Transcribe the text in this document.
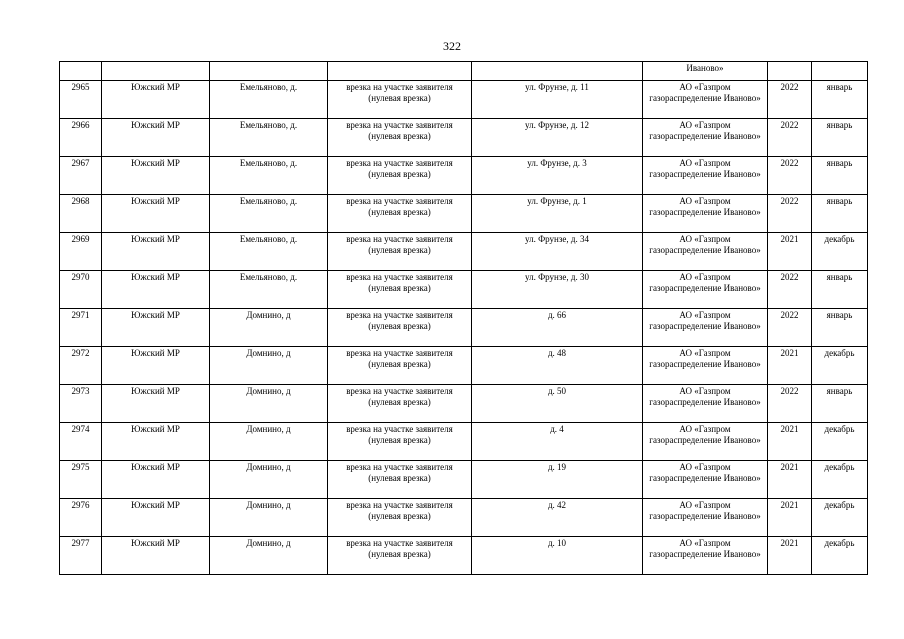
322
					Иваново»		
2965	Южский МР	Емельяново, д.	врезка на участке заявителя (нулевая врезка)	ул. Фрунзе, д. 11	АО «Газпром газораспределение Иваново»	2022	январь
2966	Южский МР	Емельяново, д.	врезка на участке заявителя (нулевая врезка)	ул. Фрунзе, д. 12	АО «Газпром газораспределение Иваново»	2022	январь
2967	Южский МР	Емельяново, д.	врезка на участке заявителя (нулевая врезка)	ул. Фрунзе, д. 3	АО «Газпром газораспределение Иваново»	2022	январь
2968	Южский МР	Емельяново, д.	врезка на участке заявителя (нулевая врезка)	ул. Фрунзе, д. 1	АО «Газпром газораспределение Иваново»	2022	январь
2969	Южский МР	Емельяново, д.	врезка на участке заявителя (нулевая врезка)	ул. Фрунзе, д. 34	АО «Газпром газораспределение Иваново»	2021	декабрь
2970	Южский МР	Емельяново, д.	врезка на участке заявителя (нулевая врезка)	ул. Фрунзе, д. 30	АО «Газпром газораспределение Иваново»	2022	январь
2971	Южский МР	Домнино, д	врезка на участке заявителя (нулевая врезка)	д. 66	АО «Газпром газораспределение Иваново»	2022	январь
2972	Южский МР	Домнино, д	врезка на участке заявителя (нулевая врезка)	д. 48	АО «Газпром газораспределение Иваново»	2021	декабрь
2973	Южский МР	Домнино, д	врезка на участке заявителя (нулевая врезка)	д. 50	АО «Газпром газораспределение Иваново»	2022	январь
2974	Южский МР	Домнино, д	врезка на участке заявителя (нулевая врезка)	д. 4	АО «Газпром газораспределение Иваново»	2021	декабрь
2975	Южский МР	Домнино, д	врезка на участке заявителя (нулевая врезка)	д. 19	АО «Газпром газораспределение Иваново»	2021	декабрь
2976	Южский МР	Домнино, д	врезка на участке заявителя (нулевая врезка)	д. 42	АО «Газпром газораспределение Иваново»	2021	декабрь
2977	Южский МР	Домнино, д	врезка на участке заявителя (нулевая врезка)	д. 10	АО «Газпром газораспределение Иваново»	2021	декабрь
